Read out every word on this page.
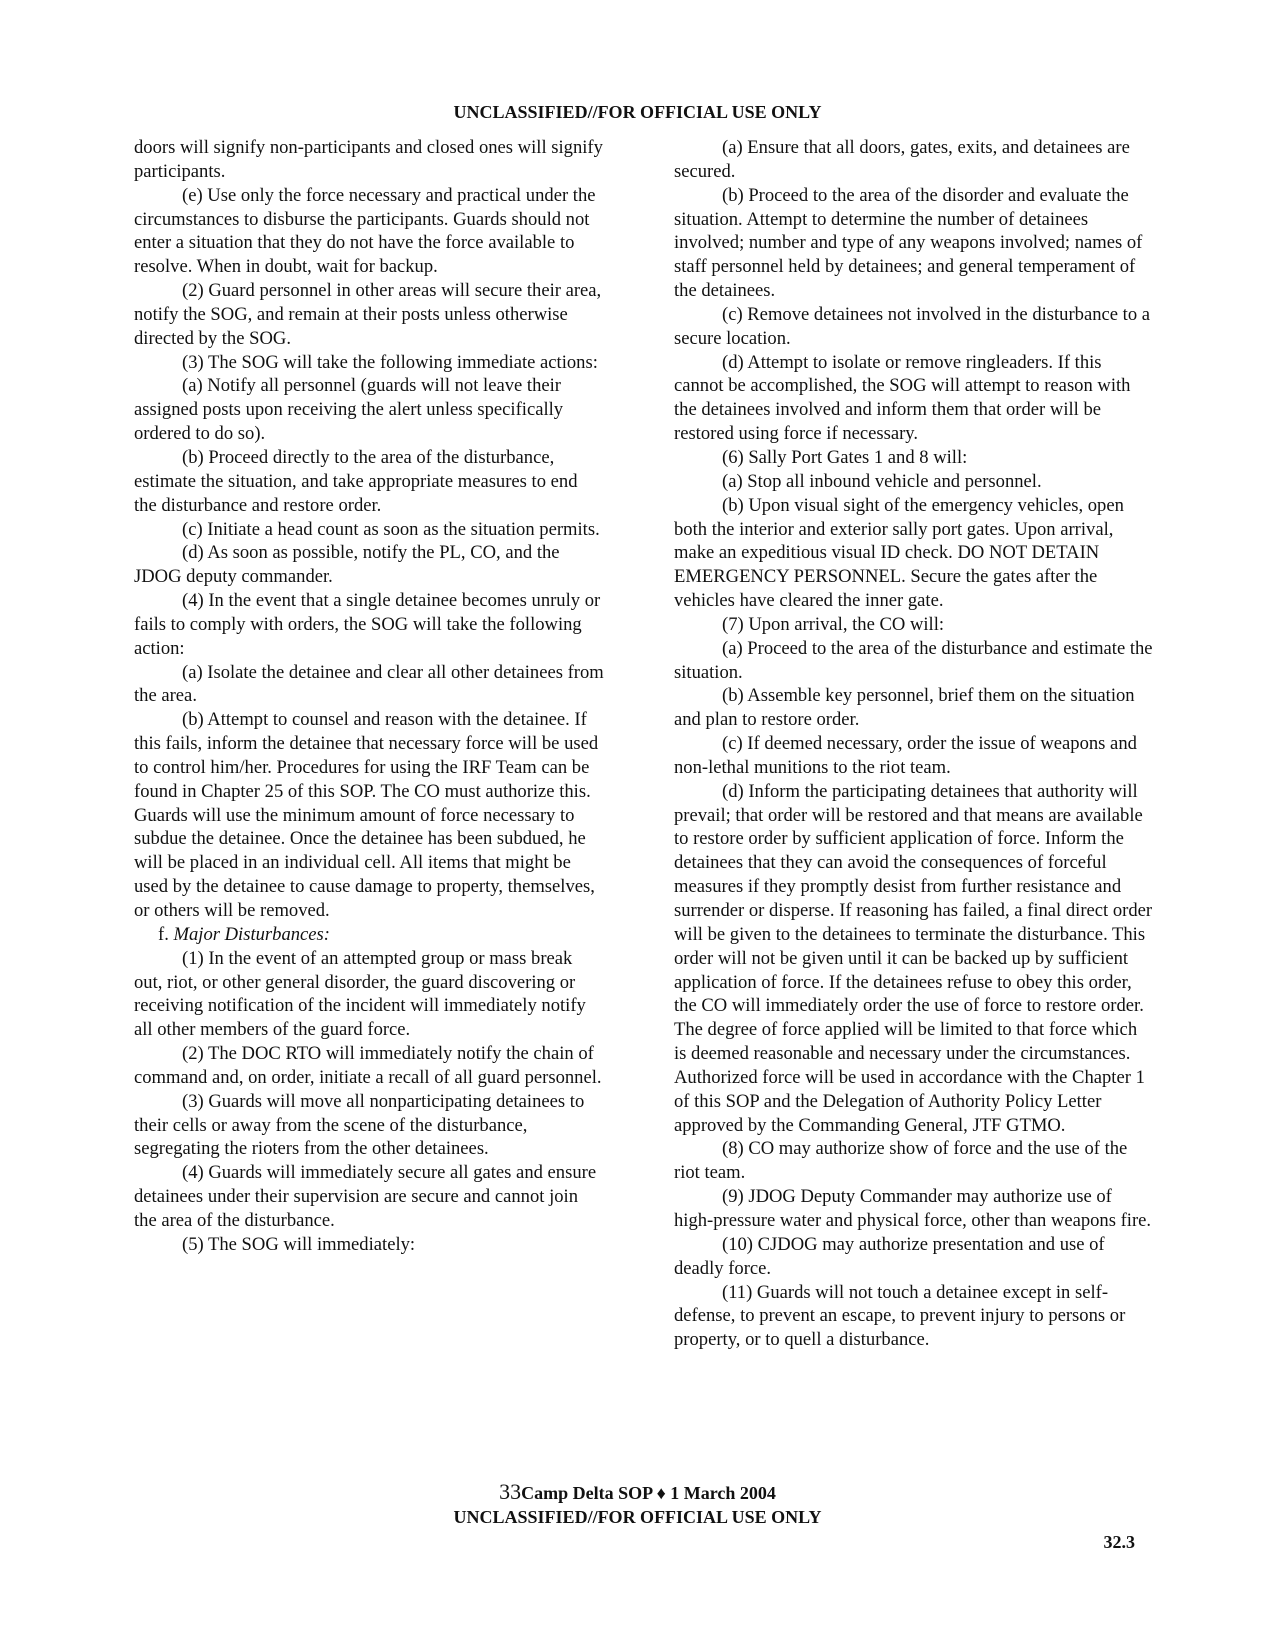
UNCLASSIFIED//FOR OFFICIAL USE ONLY

doors will signify non-participants and closed ones will signify participants.

(e) Use only the force necessary and practical under the circumstances to disburse the participants. Guards should not enter a situation that they do not have the force available to resolve. When in doubt, wait for backup.

(2) Guard personnel in other areas will secure their area, notify the SOG, and remain at their posts unless otherwise directed by the SOG.

(3) The SOG will take the following immediate actions:

(a) Notify all personnel (guards will not leave their assigned posts upon receiving the alert unless specifically ordered to do so).

(b) Proceed directly to the area of the disturbance, estimate the situation, and take appropriate measures to end the disturbance and restore order.

(c) Initiate a head count as soon as the situation permits.

(d) As soon as possible, notify the PL, CO, and the JDOG deputy commander.

(4) In the event that a single detainee becomes unruly or fails to comply with orders, the SOG will take the following action:

(a) Isolate the detainee and clear all other detainees from the area.

(b) Attempt to counsel and reason with the detainee. If this fails, inform the detainee that necessary force will be used to control him/her. Procedures for using the IRF Team can be found in Chapter 25 of this SOP. The CO must authorize this. Guards will use the minimum amount of force necessary to subdue the detainee. Once the detainee has been subdued, he will be placed in an individual cell. All items that might be used by the detainee to cause damage to property, themselves, or others will be removed.

f. Major Disturbances:

(1) In the event of an attempted group or mass break out, riot, or other general disorder, the guard discovering or receiving notification of the incident will immediately notify all other members of the guard force.

(2) The DOC RTO will immediately notify the chain of command and, on order, initiate a recall of all guard personnel.

(3) Guards will move all nonparticipating detainees to their cells or away from the scene of the disturbance, segregating the rioters from the other detainees.

(4) Guards will immediately secure all gates and ensure detainees under their supervision are secure and cannot join the area of the disturbance.

(5) The SOG will immediately:

(a) Ensure that all doors, gates, exits, and detainees are secured.

(b) Proceed to the area of the disorder and evaluate the situation. Attempt to determine the number of detainees involved; number and type of any weapons involved; names of staff personnel held by detainees; and general temperament of the detainees.

(c) Remove detainees not involved in the disturbance to a secure location.

(d) Attempt to isolate or remove ringleaders. If this cannot be accomplished, the SOG will attempt to reason with the detainees involved and inform them that order will be restored using force if necessary.

(6) Sally Port Gates 1 and 8 will:

(a) Stop all inbound vehicle and personnel.

(b) Upon visual sight of the emergency vehicles, open both the interior and exterior sally port gates. Upon arrival, make an expeditious visual ID check. DO NOT DETAIN EMERGENCY PERSONNEL. Secure the gates after the vehicles have cleared the inner gate.

(7) Upon arrival, the CO will:

(a) Proceed to the area of the disturbance and estimate the situation.

(b) Assemble key personnel, brief them on the situation and plan to restore order.

(c) If deemed necessary, order the issue of weapons and non-lethal munitions to the riot team.

(d) Inform the participating detainees that authority will prevail; that order will be restored and that means are available to restore order by sufficient application of force. Inform the detainees that they can avoid the consequences of forceful measures if they promptly desist from further resistance and surrender or disperse. If reasoning has failed, a final direct order will be given to the detainees to terminate the disturbance. This order will not be given until it can be backed up by sufficient application of force. If the detainees refuse to obey this order, the CO will immediately order the use of force to restore order. The degree of force applied will be limited to that force which is deemed reasonable and necessary under the circumstances. Authorized force will be used in accordance with the Chapter 1 of this SOP and the Delegation of Authority Policy Letter approved by the Commanding General, JTF GTMO.

(8) CO may authorize show of force and the use of the riot team.

(9) JDOG Deputy Commander may authorize use of high-pressure water and physical force, other than weapons fire.

(10) CJDOG may authorize presentation and use of deadly force.

(11) Guards will not touch a detainee except in self-defense, to prevent an escape, to prevent injury to persons or property, or to quell a disturbance.

33Camp Delta SOP ♦ 1 March 2004
UNCLASSIFIED//FOR OFFICIAL USE ONLY
32.3
